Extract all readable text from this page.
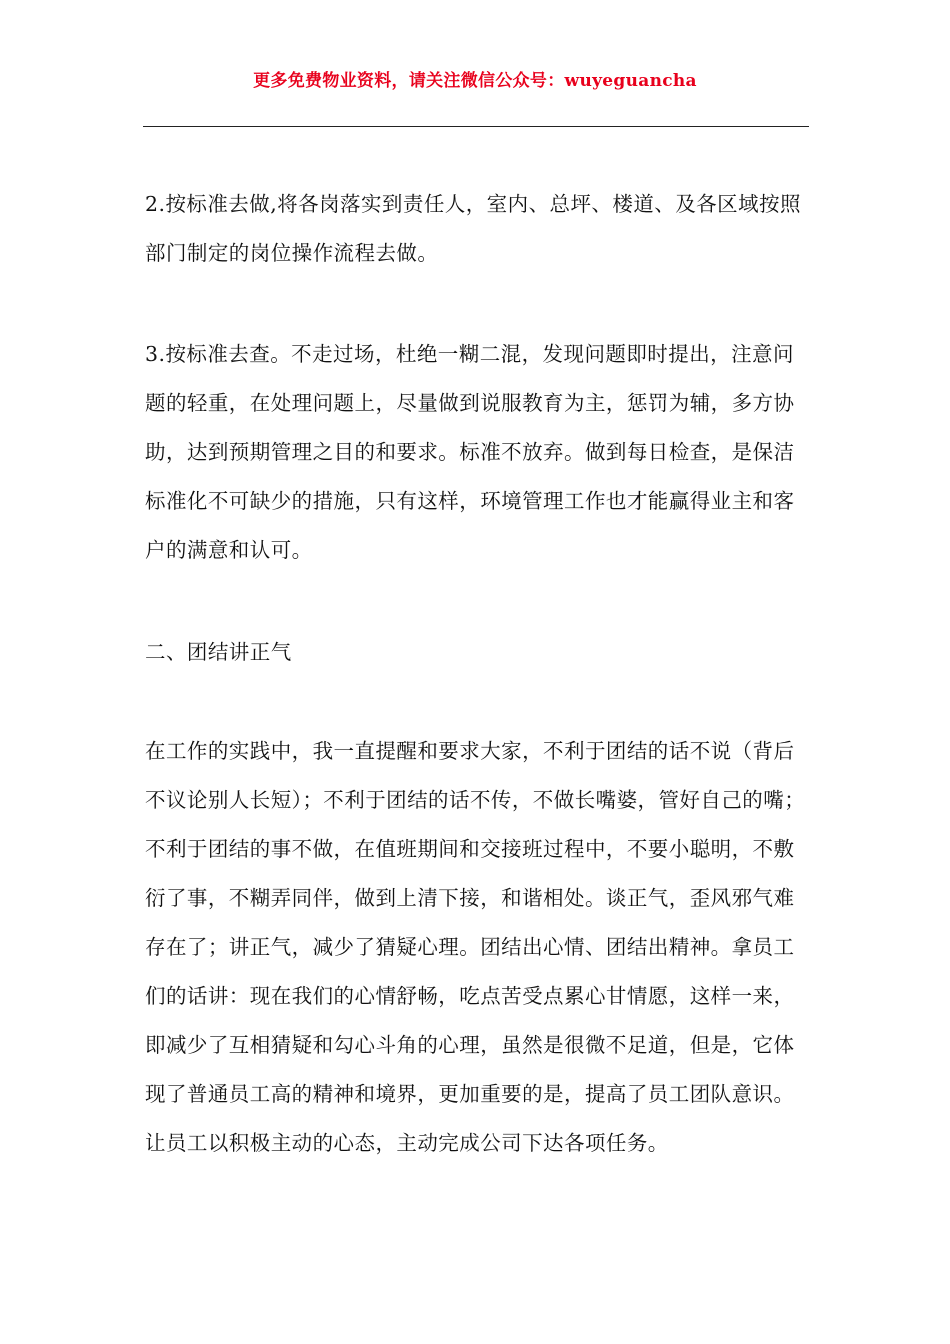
更多免费物业资料，请关注微信公众号：wuyeguancha

2.按标准去做,将各岗落实到责任人，室内、总坪、楼道、及各区域按照部门制定的岗位操作流程去做。

3.按标准去查。不走过场，杜绝一糊二混，发现问题即时提出，注意问题的轻重，在处理问题上，尽量做到说服教育为主，惩罚为辅，多方协助，达到预期管理之目的和要求。标准不放弃。做到每日检查，是保洁标准化不可缺少的措施，只有这样，环境管理工作也才能赢得业主和客户的满意和认可。

二、团结讲正气

在工作的实践中，我一直提醒和要求大家，不利于团结的话不说（背后不议论别人长短）；不利于团结的话不传，不做长嘴婆，管好自己的嘴；不利于团结的事不做，在值班期间和交接班过程中，不要小聪明，不敷衍了事，不糊弄同伴，做到上清下接，和谐相处。谈正气，歪风邪气难存在了；讲正气，减少了猜疑心理。团结出心情、团结出精神。拿员工们的话讲：现在我们的心情舒畅，吃点苦受点累心甘情愿，这样一来，即减少了互相猜疑和勾心斗角的心理，虽然是很微不足道，但是，它体现了普通员工高的精神和境界，更加重要的是，提高了员工团队意识。让员工以积极主动的心态，主动完成公司下达各项任务。
